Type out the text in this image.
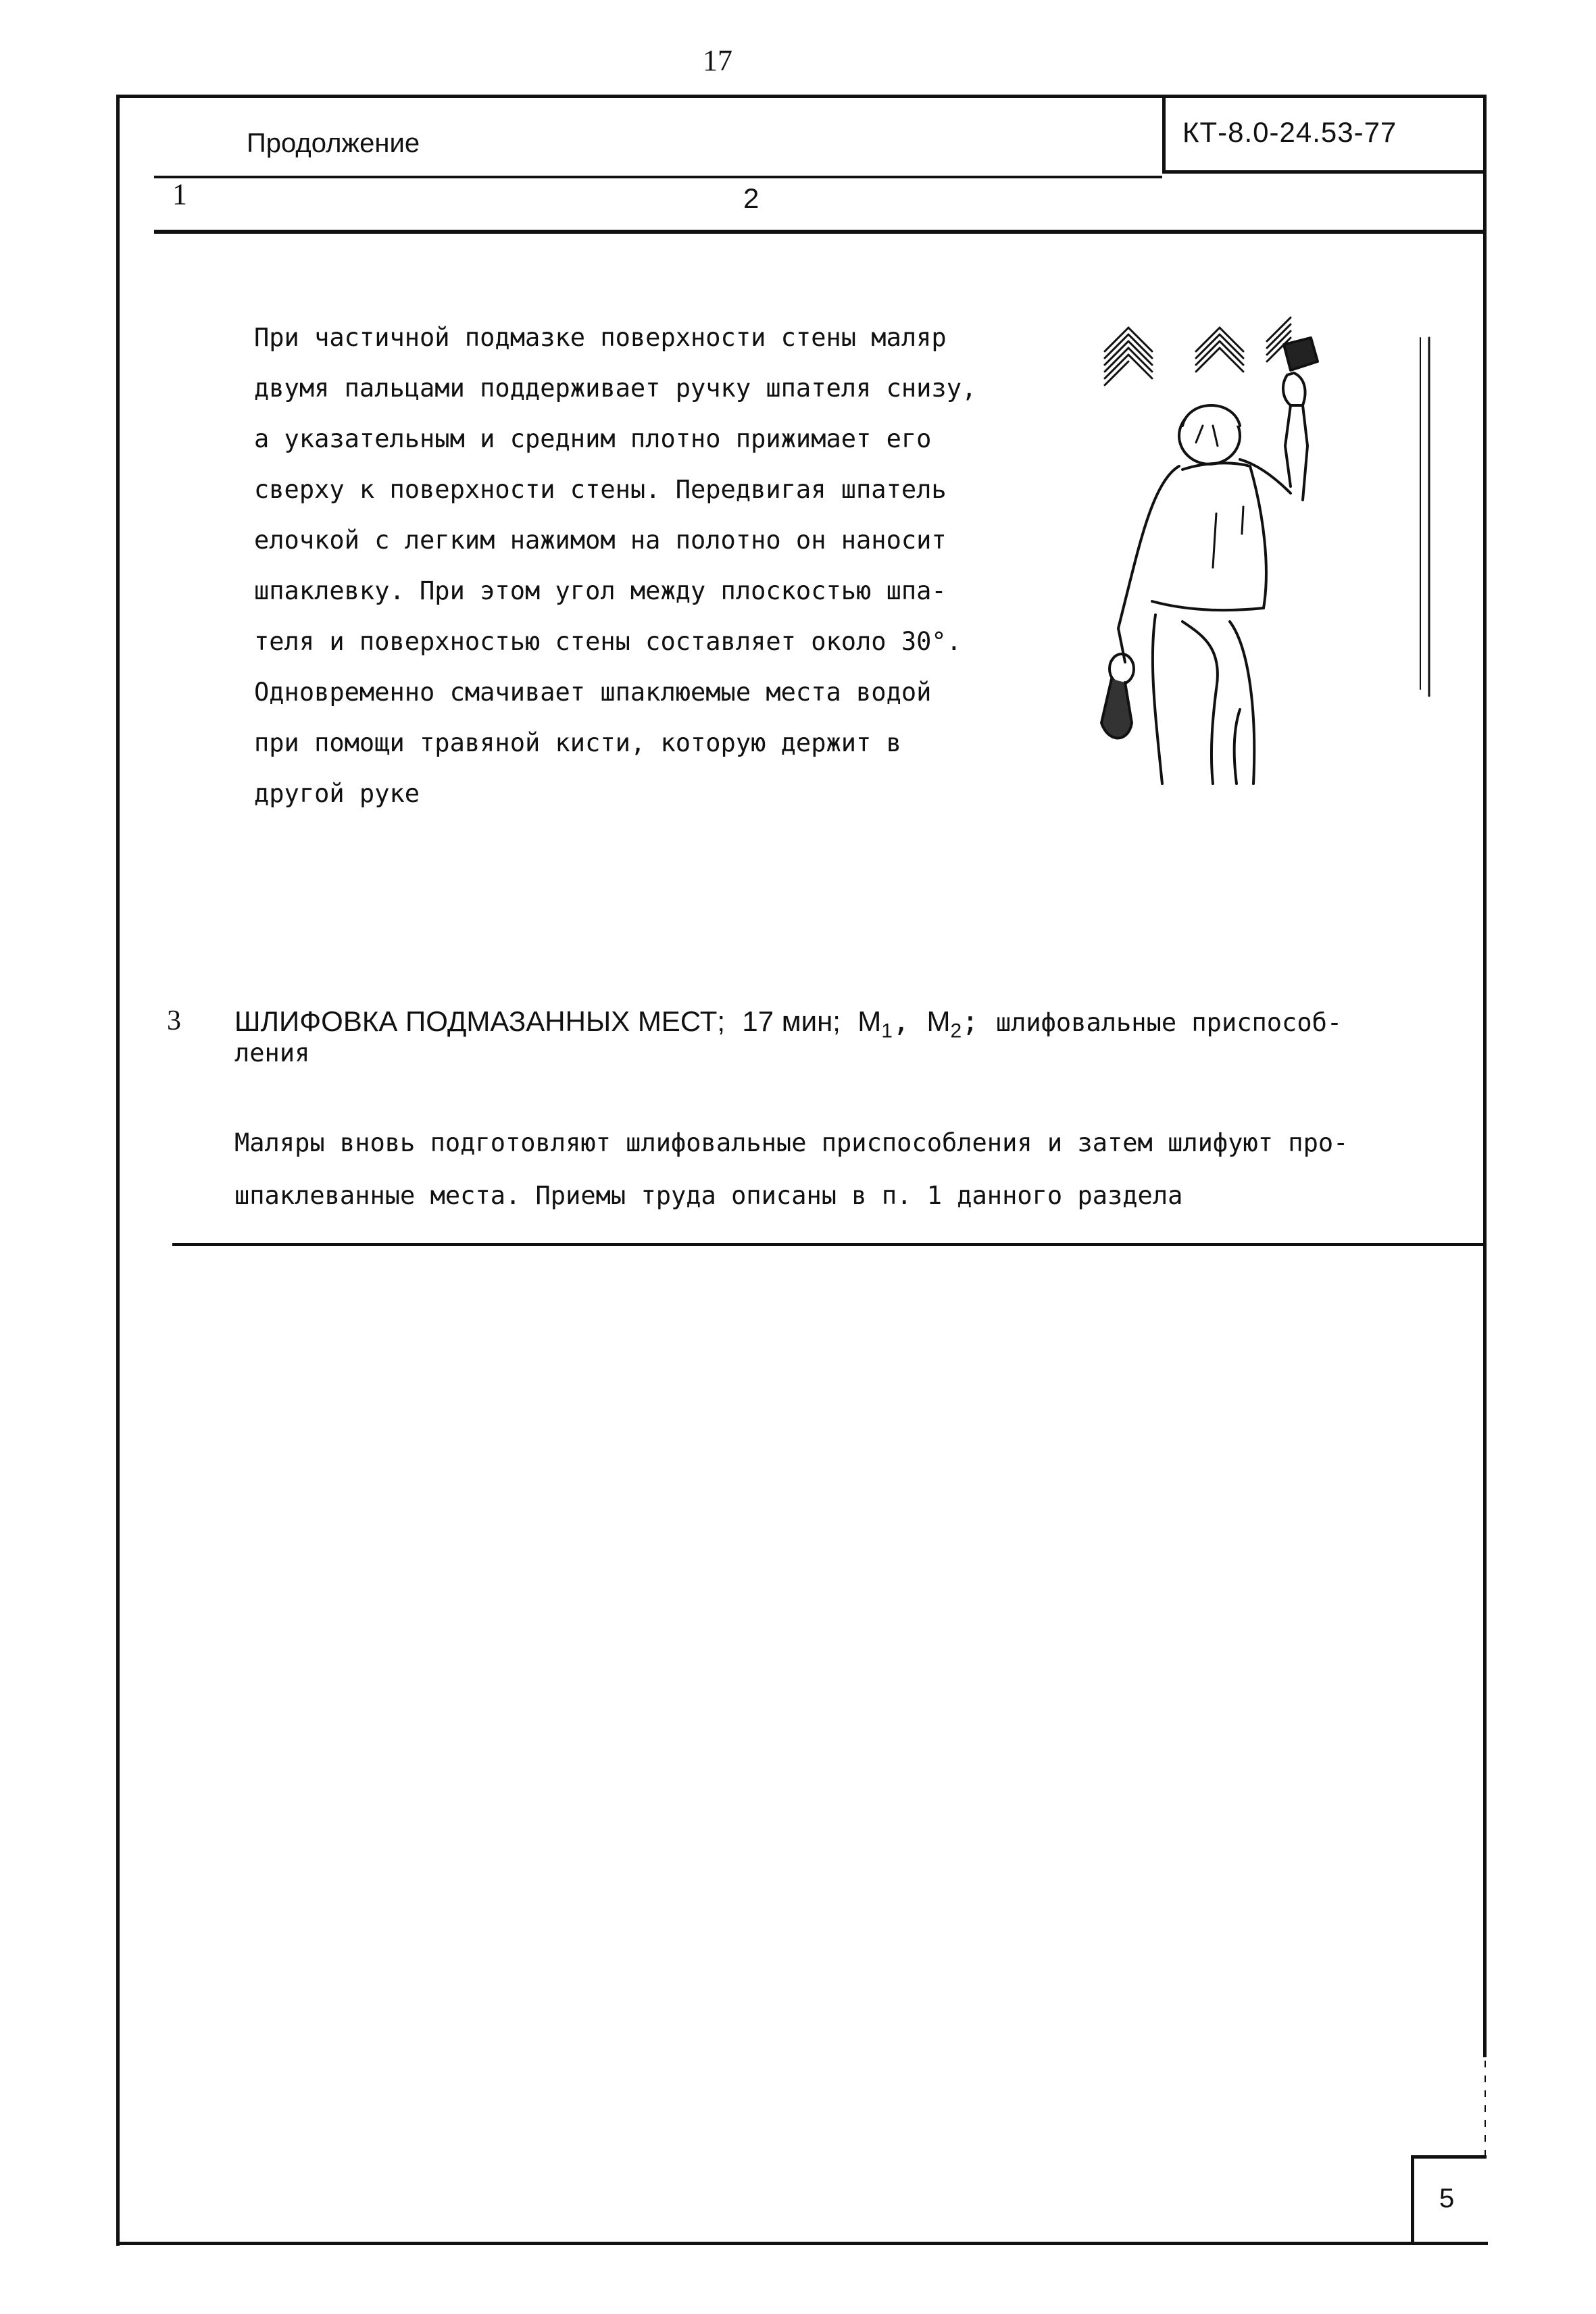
17
Продолжение	КТ-8.0-24.53-77
1	2
При частичной подмазке поверхности стены маляр
двумя пальцами поддерживает ручку шпателя снизу,
а указательным и средним плотно прижимает его
сверху к поверхности стены. Передвигая шпатель
елочкой с легким нажимом на полотно он наносит
шпаклевку. При этом угол между плоскостью шпа-
теля и поверхностью стены составляет около 30°.
Одновременно смачивает шпаклюемые места водой
при помощи травяной кисти, которую держит в
другой руке
3 ШЛИФОВКА ПОДМАЗАННЫХ МЕСТ; 17 мин; $М_1$, $М_2$; шлифовальные приспособ-
ления
Маляры вновь подготовляют шлифовальные приспособления и затем шлифуют про-
шпаклеванные места. Приемы труда описаны в п. 1 данного раздела
5
